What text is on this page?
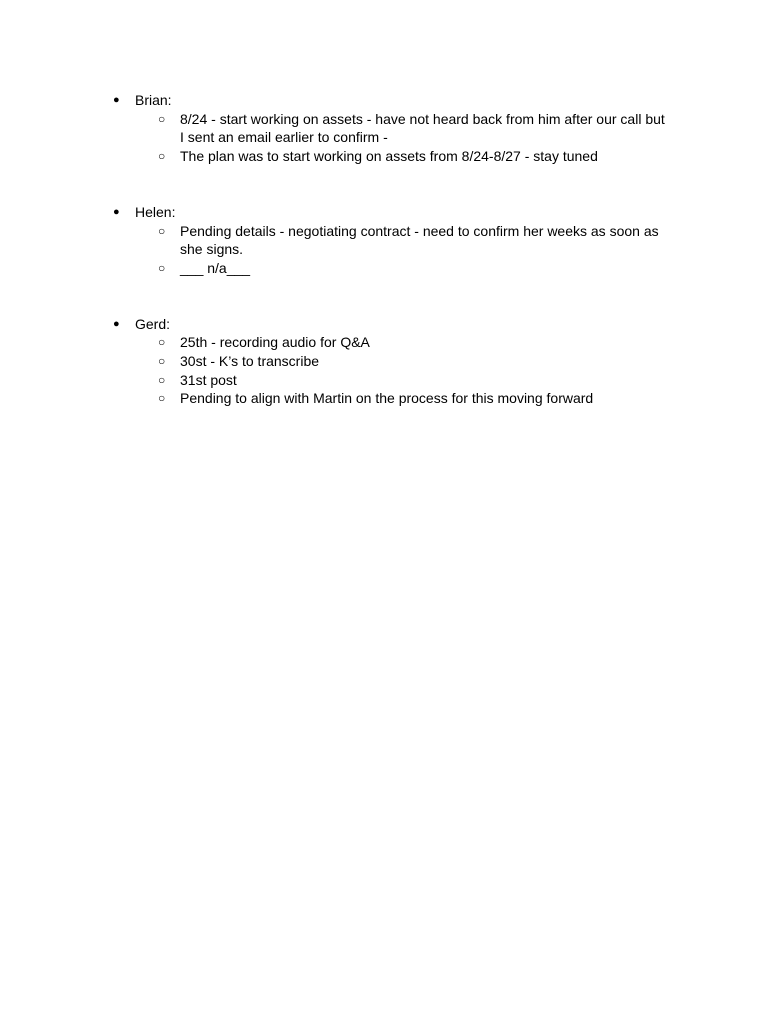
● Brian:
○ 8/24 - start working on assets - have not heard back from him after our call but I sent an email earlier to confirm -
○ The plan was to start working on assets from 8/24-8/27 - stay tuned
● Helen:
○ Pending details - negotiating contract - need to confirm her weeks as soon as she signs.
○ ___ n/a___
● Gerd:
○ 25th - recording audio for Q&A
○ 30st - K’s to transcribe
○ 31st post
○ Pending to align with Martin on the process for this moving forward
